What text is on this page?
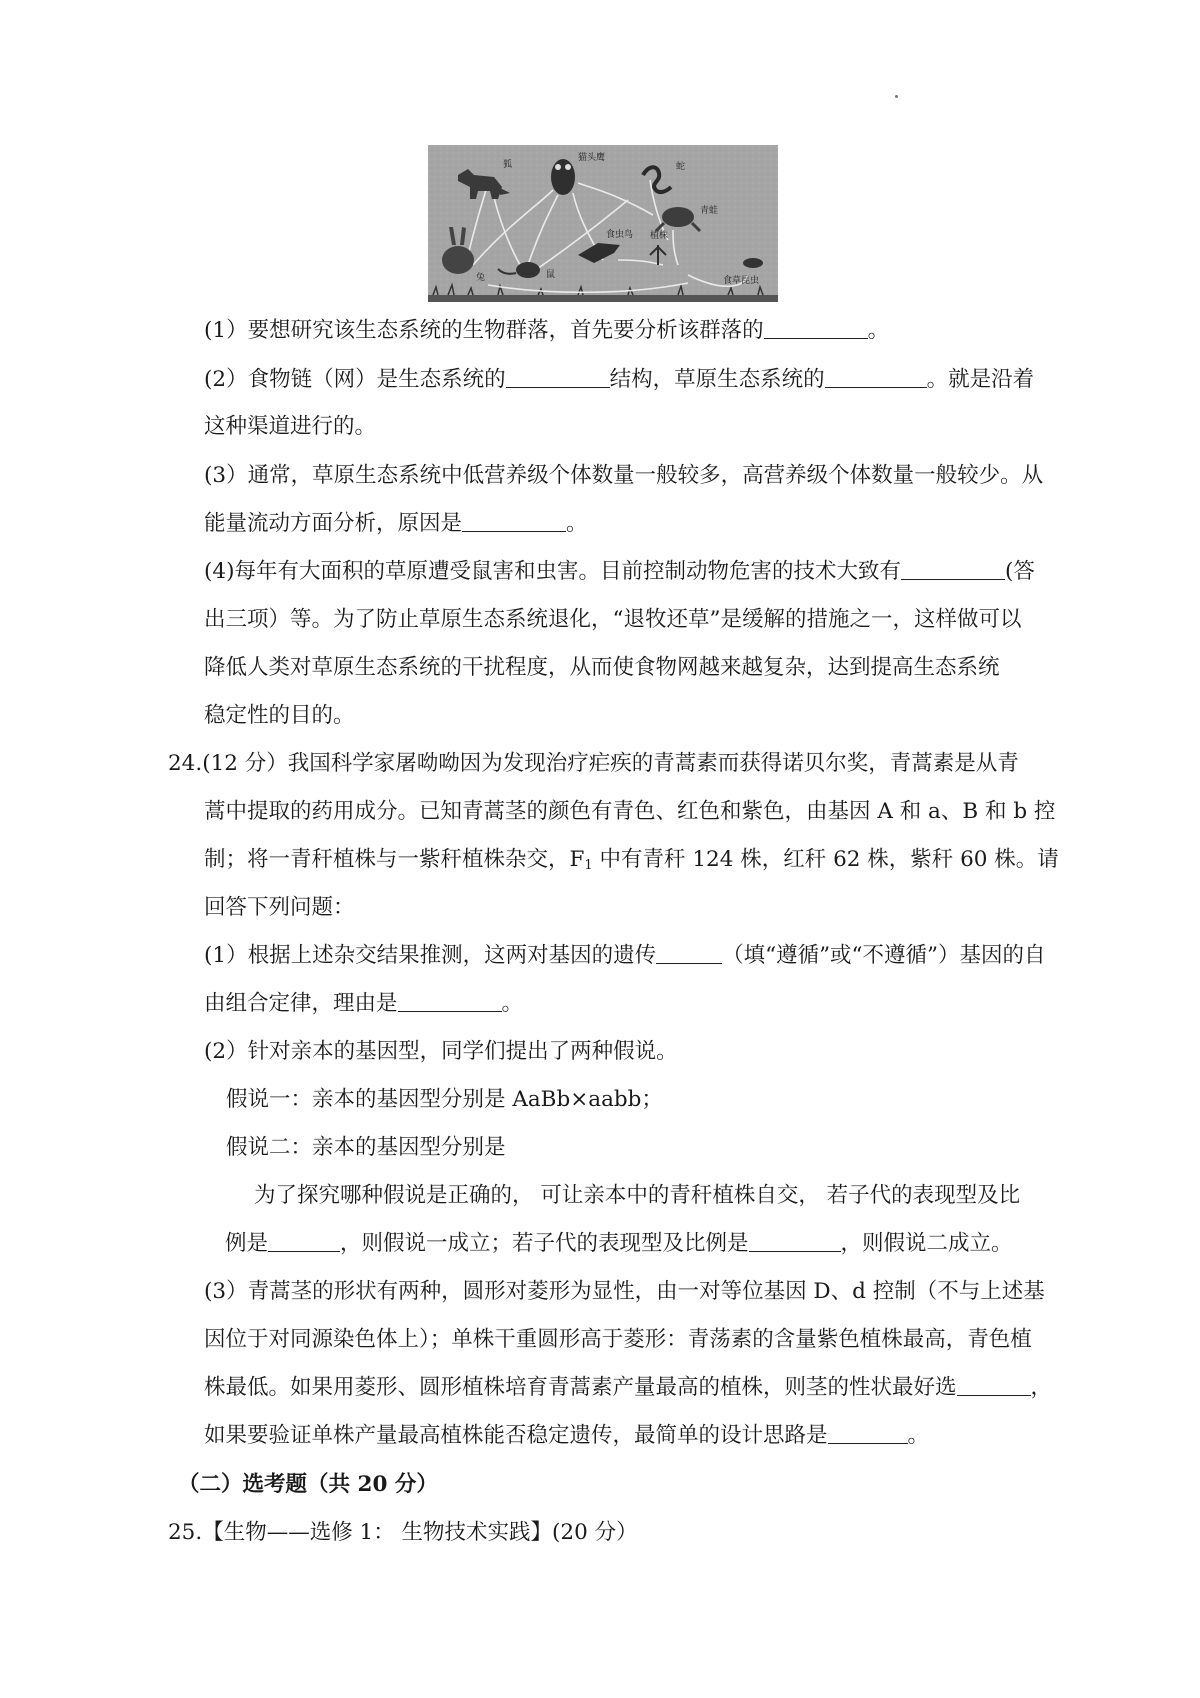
狐
猫头鹰
蛇
青蛙
食虫鸟 植株
兔	鼠
食草昆虫
(1）要想研究该生态系统的生物群落，首先要分析该群落的	。
(2）食物链（网）是生态系统的	结构，草原生态系统的	。就是沿着
这种渠道进行的。
(3）通常，草原生态系统中低营养级个体数量一般较多，高营养级个体数量一般较少。从
能量流动方面分析，原因是	。
(4)每年有大面积的草原遭受鼠害和虫害。目前控制动物危害的技术大致有	(答
出三项）等。为了防止草原生态系统退化，“退牧还草”是缓解的措施之一，这样做可以
降低人类对草原生态系统的干扰程度，从而使食物网越来越复杂，达到提高生态系统
稳定性的目的。
24.(12 分）我国科学家屠呦呦因为发现治疗疟疾的青蒿素而获得诺贝尔奖，青蒿素是从青
蒿中提取的药用成分。已知青蒿茎的颜色有青色、红色和紫色，由基因 A 和 a、B 和 b 控
制；将一青秆植株与一紫秆植株杂交，$F_1$ 中有青秆 124 株，红秆 62 株，紫秆 60 株。请
回答下列问题：
(1）根据上述杂交结果推测，这两对基因的遗传	（填“遵循”或“不遵循”）基因的自
由组合定律，理由是	。
(2）针对亲本的基因型，同学们提出了两种假说。
假说一：亲本的基因型分别是 AaBb×aabb；
假说二：亲本的基因型分别是
为了探究哪种假说是正确的， 可让亲本中的青秆植株自交， 若子代的表现型及比
例是	，则假说一成立；若子代的表现型及比例是	，则假说二成立。
(3）青蒿茎的形状有两种，圆形对菱形为显性，由一对等位基因 D、d 控制（不与上述基
因位于对同源染色体上）；单株干重圆形高于菱形：青荡素的含量紫色植株最高，青色植
株最低。如果用菱形、圆形植株培育青蒿素产量最高的植株，则茎的性状最好选	，
如果要验证单株产量最高植株能否稳定遗传，最简单的设计思路是	。
（二）选考题（共 20 分）
25.【生物——选修 1： 生物技术实践】(20 分）
